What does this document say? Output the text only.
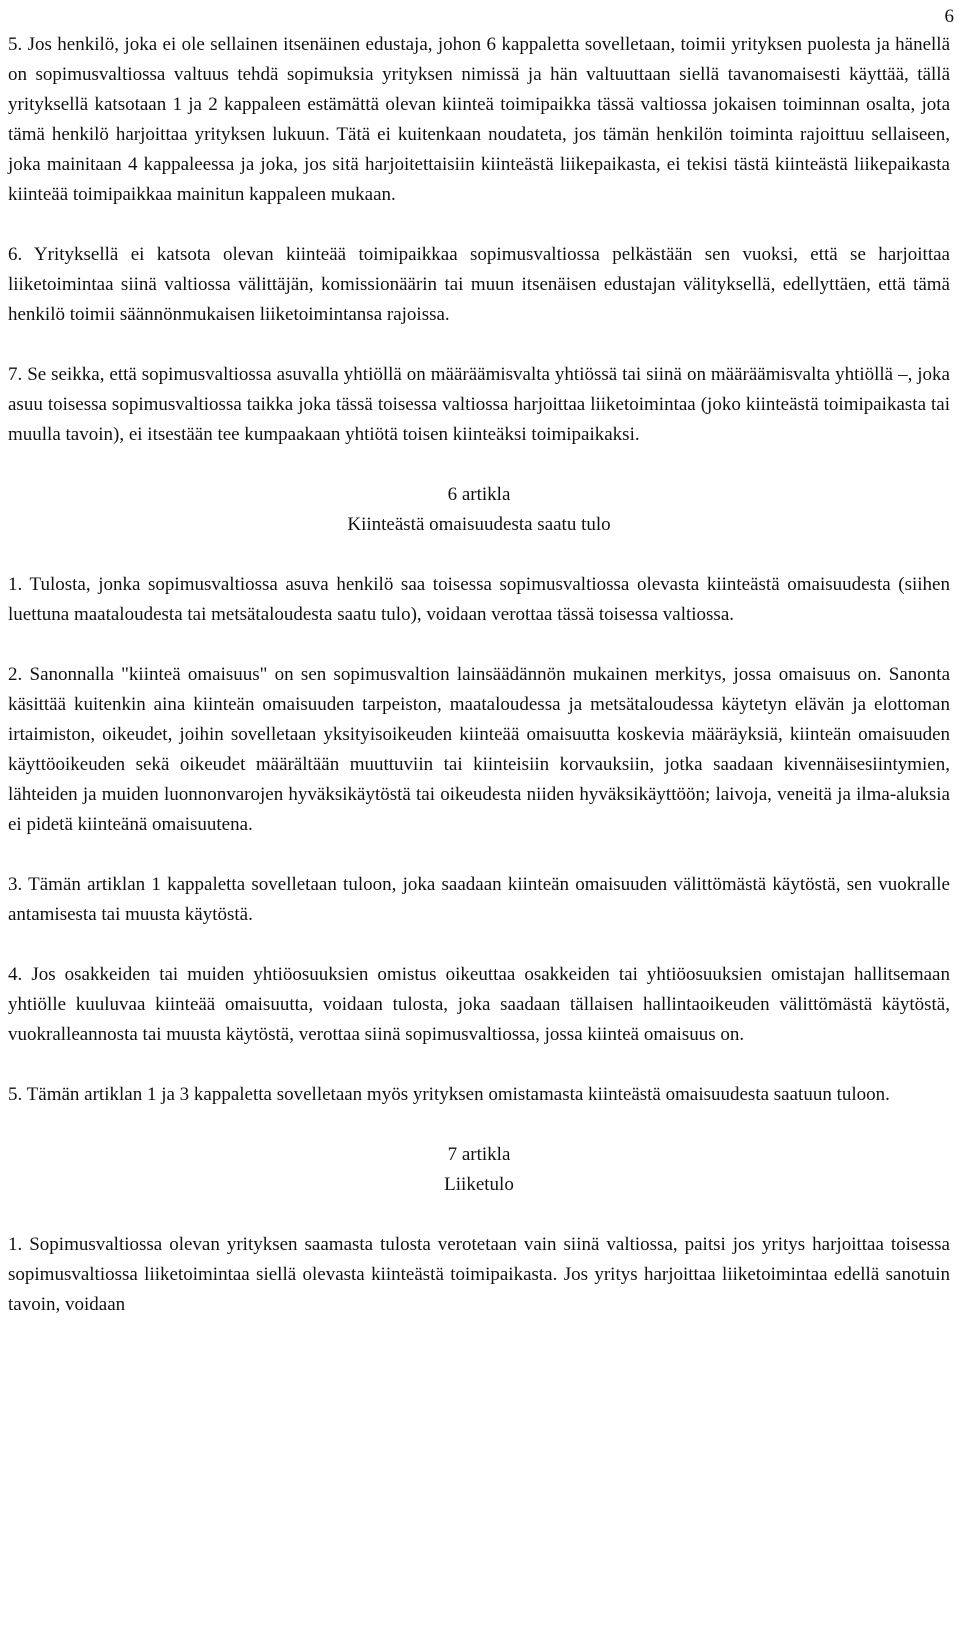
6

5. Jos henkilö, joka ei ole sellainen itsenäinen edustaja, johon 6 kappaletta sovelletaan, toimii yrityksen puolesta ja hänellä on sopimusvaltiossa valtuus tehdä sopimuksia yrityksen nimissä ja hän valtuuttaan siellä tavanomaisesti käyttää, tällä yrityksellä katsotaan 1 ja 2 kappaleen estämättä olevan kiinteä toimipaikka tässä valtiossa jokaisen toiminnan osalta, jota tämä henkilö harjoittaa yrityksen lukuun. Tätä ei kuitenkaan noudateta, jos tämän henkilön toiminta rajoittuu sellaiseen, joka mainitaan 4 kappaleessa ja joka, jos sitä harjoitettaisiin kiinteästä liikepaikasta, ei tekisi tästä kiinteästä liikepaikasta kiinteää toimipaikkaa mainitun kappaleen mukaan.

6. Yrityksellä ei katsota olevan kiinteää toimipaikkaa sopimusvaltiossa pelkästään sen vuoksi, että se harjoittaa liiketoimintaa siinä valtiossa välittäjän, komissionäärin tai muun itsenäisen edustajan välityksellä, edellyttäen, että tämä henkilö toimii säännönmukaisen liiketoimintansa rajoissa.

7. Se seikka, että sopimusvaltiossa asuvalla yhtiöllä on määräämisvalta yhtiössä tai siinä on määräämisvalta yhtiöllä –, joka asuu toisessa sopimusvaltiossa taikka joka tässä toisessa valtiossa harjoittaa liiketoimintaa (joko kiinteästä toimipaikasta tai muulla tavoin), ei itsestään tee kumpaakaan yhtiötä toisen kiinteäksi toimipaikaksi.

6 artikla
Kiinteästä omaisuudesta saatu tulo

1. Tulosta, jonka sopimusvaltiossa asuva henkilö saa toisessa sopimusvaltiossa olevasta kiinteästä omaisuudesta (siihen luettuna maataloudesta tai metsätaloudesta saatu tulo), voidaan verottaa tässä toisessa valtiossa.

2. Sanonnalla "kiinteä omaisuus" on sen sopimusvaltion lainsäädännön mukainen merkitys, jossa omaisuus on. Sanonta käsittää kuitenkin aina kiinteän omaisuuden tarpeiston, maataloudessa ja metsätaloudessa käytetyn elävän ja elottoman irtaimiston, oikeudet, joihin sovelletaan yksityisoikeuden kiinteää omaisuutta koskevia määräyksiä, kiinteän omaisuuden käyttöoikeuden sekä oikeudet määrältään muuttuviin tai kiinteisiin korvauksiin, jotka saadaan kivennäisesiintymien, lähteiden ja muiden luonnonvarojen hyväksikäytöstä tai oikeudesta niiden hyväksikäyttöön; laivoja, veneitä ja ilma-aluksia ei pidetä kiinteänä omaisuutena.

3. Tämän artiklan 1 kappaletta sovelletaan tuloon, joka saadaan kiinteän omaisuuden välittömästä käytöstä, sen vuokralle antamisesta tai muusta käytöstä.

4. Jos osakkeiden tai muiden yhtiöosuuksien omistus oikeuttaa osakkeiden tai yhtiöosuuksien omistajan hallitsemaan yhtiölle kuuluvaa kiinteää omaisuutta, voidaan tulosta, joka saadaan tällaisen hallintaoikeuden välittömästä käytöstä, vuokralleannosta tai muusta käytöstä, verottaa siinä sopimusvaltiossa, jossa kiinteä omaisuus on.

5. Tämän artiklan 1 ja 3 kappaletta sovelletaan myös yrityksen omistamasta kiinteästä omaisuudesta saatuun tuloon.

7 artikla
Liiketulo

1. Sopimusvaltiossa olevan yrityksen saamasta tulosta verotetaan vain siinä valtiossa, paitsi jos yritys harjoittaa toisessa sopimusvaltiossa liiketoimintaa siellä olevasta kiinteästä toimipaikasta. Jos yritys harjoittaa liiketoimintaa edellä sanotuin tavoin, voidaan
